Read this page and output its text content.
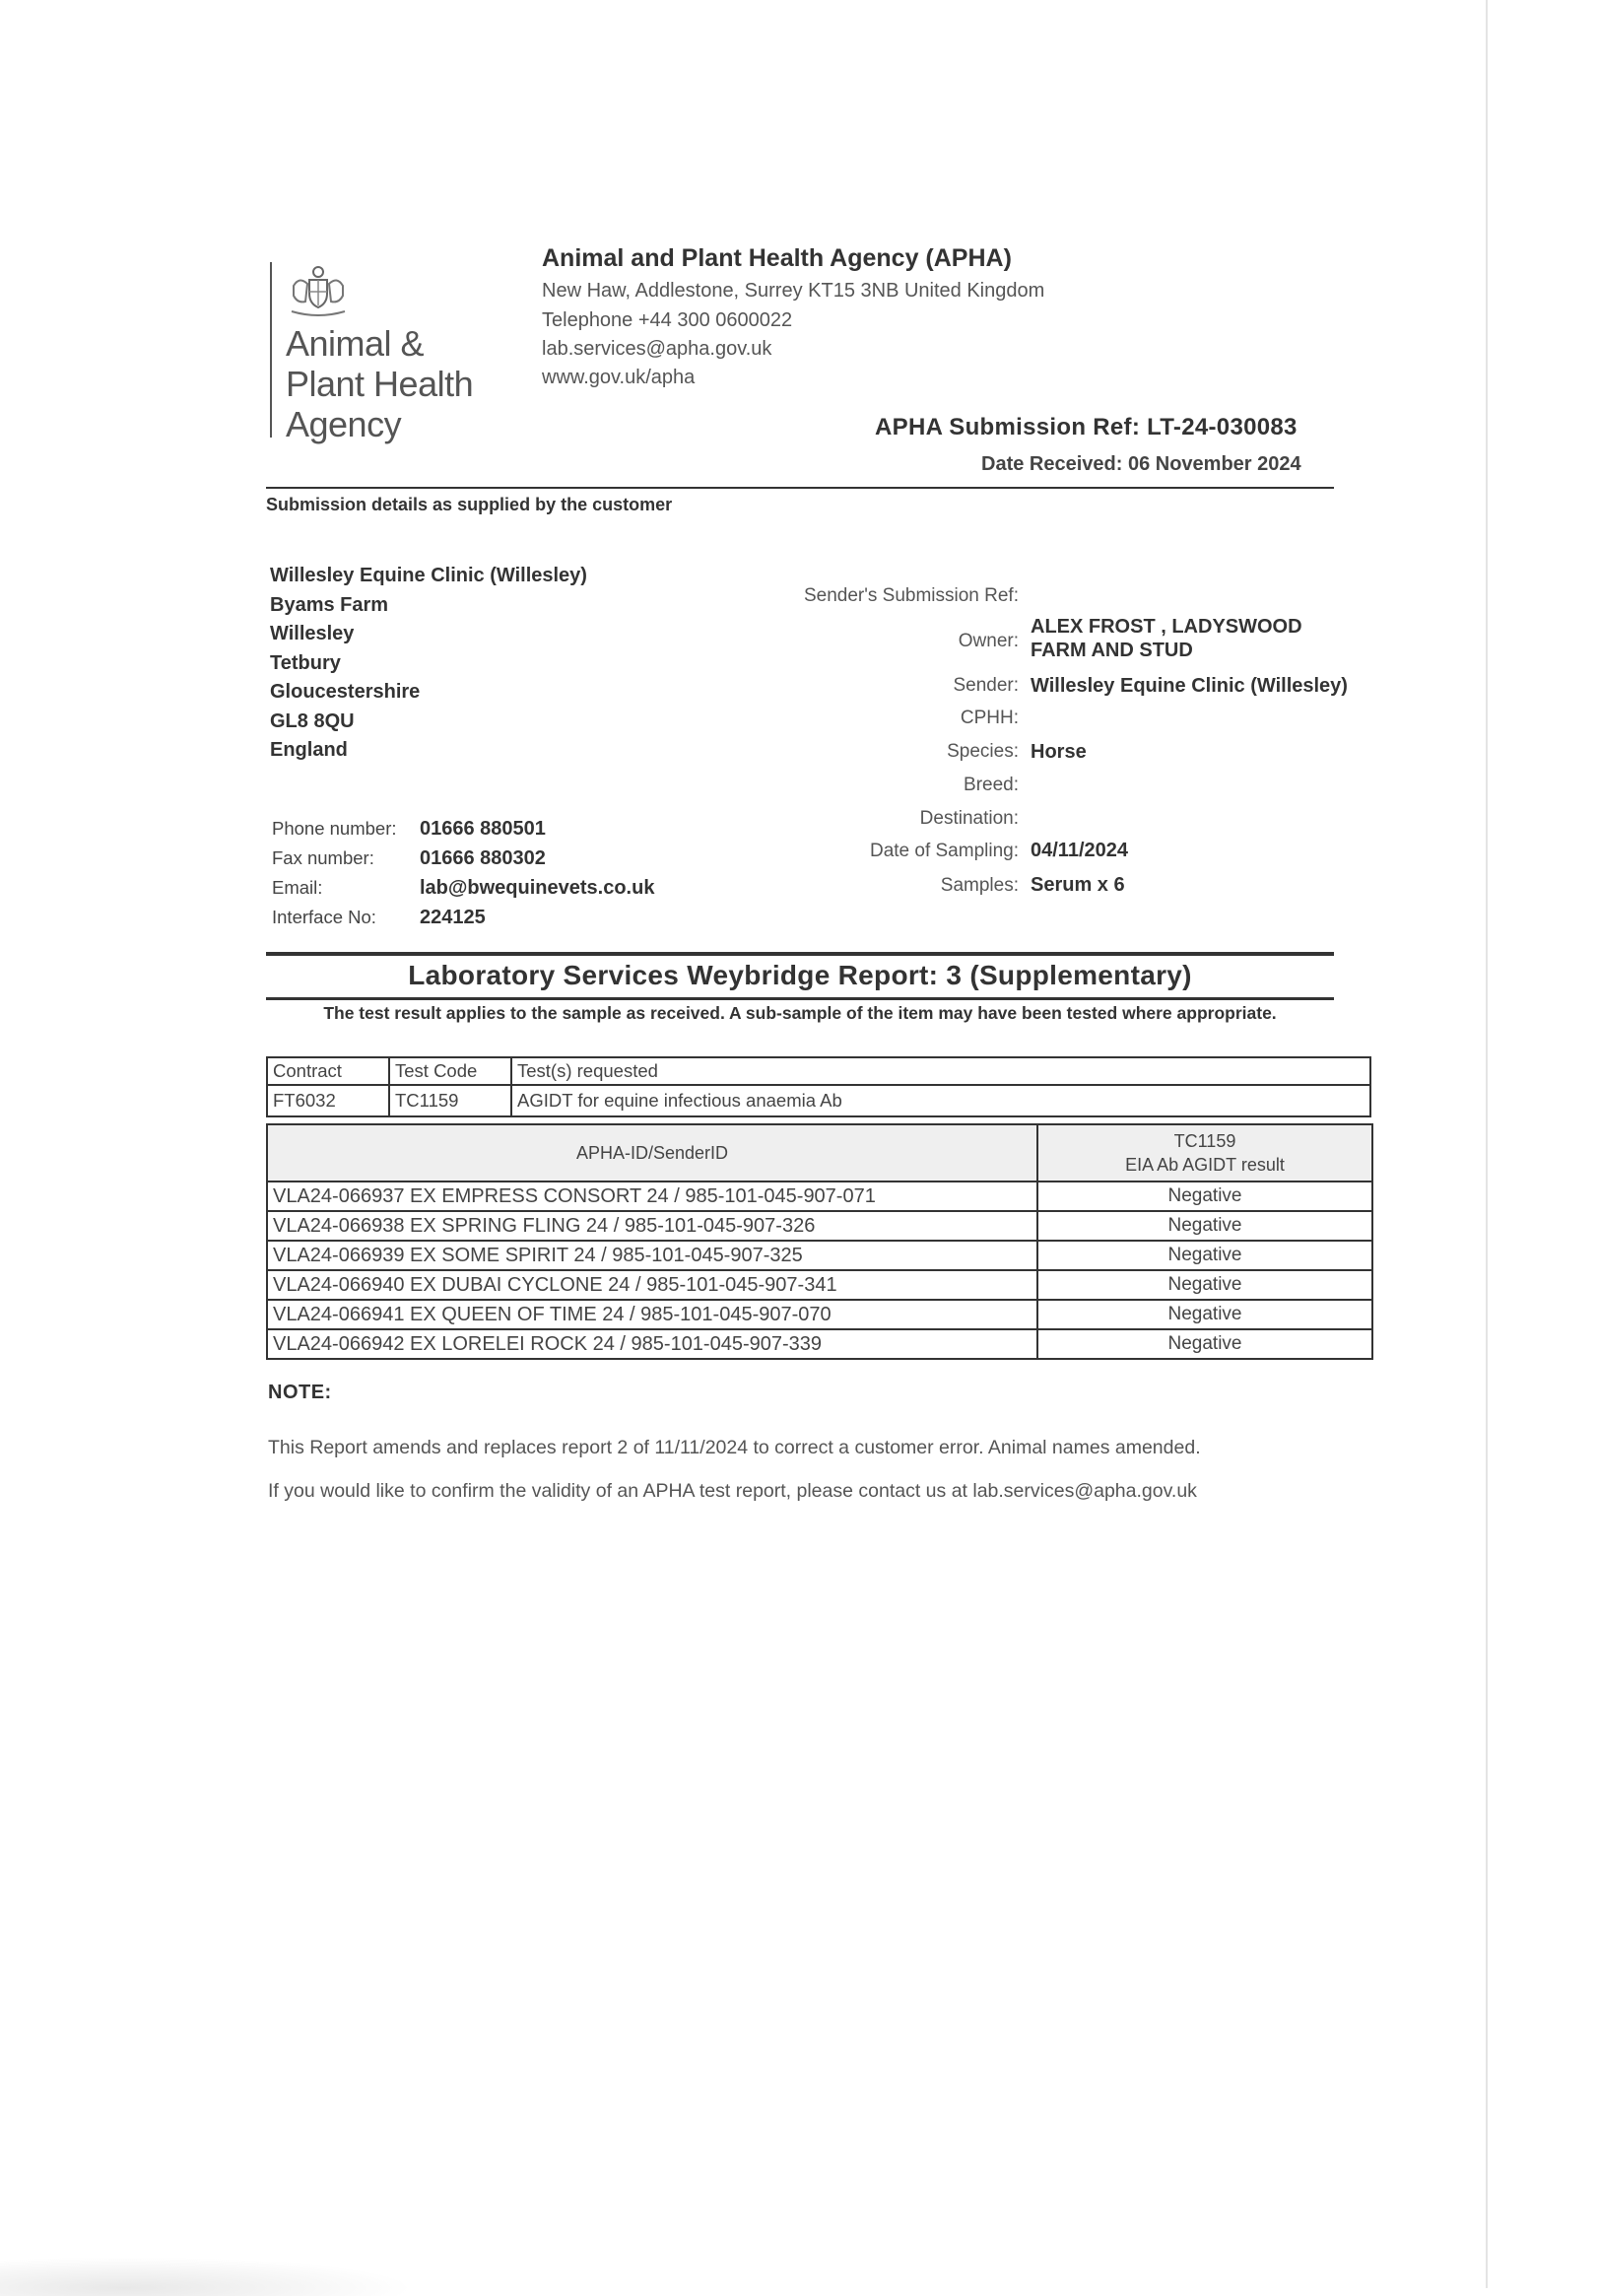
Animal &
Plant Health
Agency
Animal and Plant Health Agency (APHA)
New Haw, Addlestone, Surrey KT15 3NB United Kingdom
Telephone +44 300 0600022
lab.services@apha.gov.uk
www.gov.uk/apha
APHA Submission Ref: LT-24-030083
Date Received: 06 November 2024
Submission details as supplied by the customer
Willesley Equine Clinic (Willesley)
Byams Farm
Willesley
Tetbury
Gloucestershire
GL8 8QU
England
Phone number:	01666 880501
Fax number:	01666 880302
Email:	lab@bwequinevets.co.uk
Interface No:	224125
Sender's Submission Ref:
Owner:
ALEX FROST , LADYSWOOD FARM AND STUD
Sender: Willesley Equine Clinic (Willesley)
CPHH:
Species: Horse
Breed:
Destination:
Date of Sampling: 04/11/2024
Samples: Serum x 6
Laboratory Services Weybridge Report: 3 (Supplementary)
The test result applies to the sample as received. A sub-sample of the item may have been tested where appropriate.
Contract	Test Code	Test(s) requested
FT6032	TC1159	AGIDT for equine infectious anaemia Ab
APHA-ID/SenderID	TC1159
EIA Ab AGIDT result

VLA24-066937 EX EMPRESS CONSORT 24 / 985-101-045-907-071	Negative
VLA24-066938 EX SPRING FLING 24 / 985-101-045-907-326	Negative
VLA24-066939 EX SOME SPIRIT 24 / 985-101-045-907-325	Negative
VLA24-066940 EX DUBAI CYCLONE 24 / 985-101-045-907-341	Negative
VLA24-066941 EX QUEEN OF TIME 24 / 985-101-045-907-070	Negative
VLA24-066942 EX LORELEI ROCK 24 / 985-101-045-907-339	Negative
NOTE:
This Report amends and replaces report 2 of 11/11/2024 to correct a customer error. Animal names amended.
If you would like to confirm the validity of an APHA test report, please contact us at lab.services@apha.gov.uk
